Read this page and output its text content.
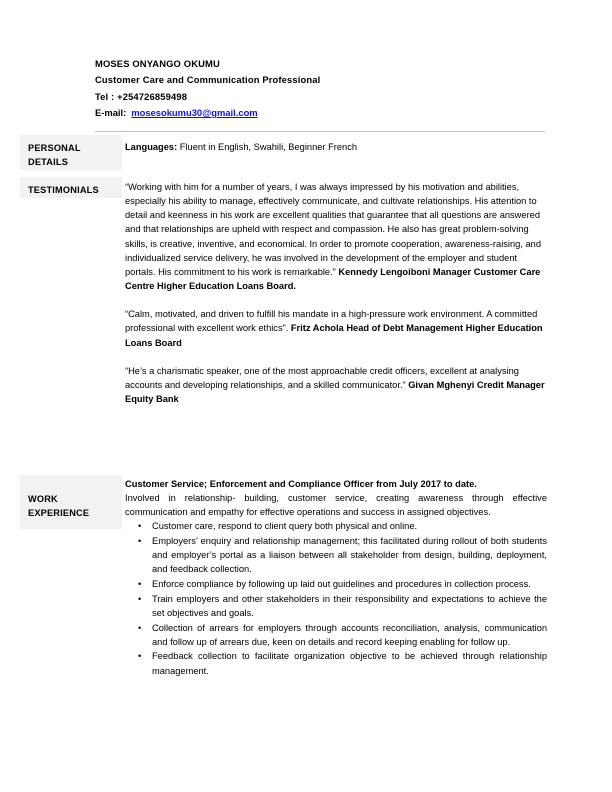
MOSES ONYANGO OKUMU
Customer Care and Communication Professional
Tel : +254726859498
E-mail: mosesokumu30@gmail.com
PERSONAL
DETAILS

Languages: Fluent in English, Swahili, Beginner French

TESTIMONIALS	“Working with him for a number of years, I was always impressed by his motivation and abilities, especially his ability to manage, effectively communicate, and cultivate relationships. His attention to detail and keenness in his work are excellent qualities that guarantee that all questions are answered and that relationships are upheld with respect and compassion. He also has great problem-solving skills, is creative, inventive, and economical. In order to promote cooperation, awareness-raising, and individualized service delivery, he was involved in the development of the employer and student portals. His commitment to his work is remarkable.” Kennedy Lengoiboni Manager Customer Care Centre Higher Education Loans Board.

“Calm, motivated, and driven to fulfill his mandate in a high-pressure work environment. A committed professional with excellent work ethics”. Fritz Achola Head of Debt Management Higher Education Loans Board

“He’s a charismatic speaker, one of the most approachable credit officers, excellent at analysing accounts and developing relationships, and a skilled communicator.” Givan Mghenyi Credit Manager Equity Bank

WORK
EXPERIENCE

Customer Service; Enforcement and Compliance Officer from July 2017 to date.

Involved in relationship- building, customer service, creating awareness through effective communication and empathy for effective operations and success in assigned objectives.

• Customer care, respond to client query both physical and online.
• Employers’ enquiry and relationship management; this facilitated during rollout of both students and employer’s portal as a liaison between all stakeholder from design, building, deployment, and feedback collection.
• Enforce compliance by following up laid out guidelines and procedures in collection process.
• Train employers and other stakeholders in their responsibility and expectations to achieve the set objectives and goals.
• Collection of arrears for employers through accounts reconciliation, analysis, communication and follow up of arrears due, keen on details and record keeping enabling for follow up.
• Feedback collection to facilitate organization objective to be achieved through relationship management.
